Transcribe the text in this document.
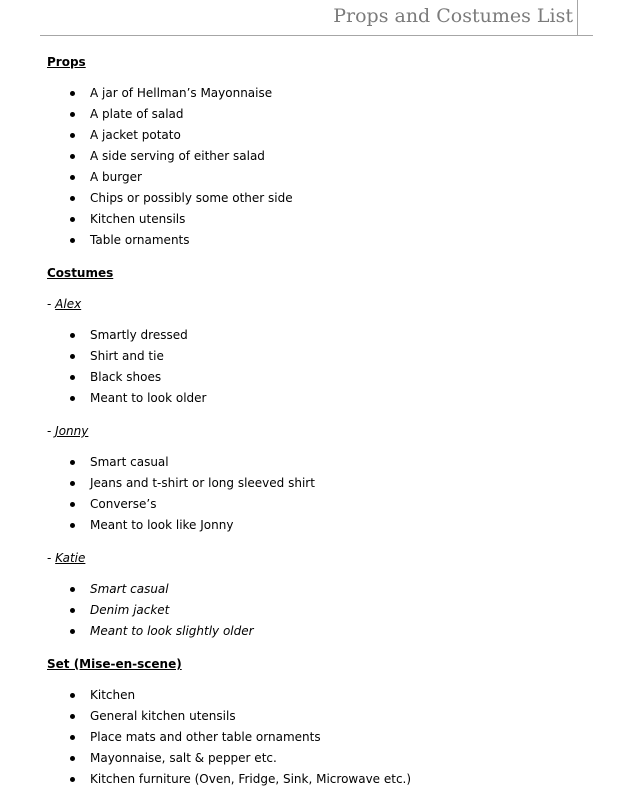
Props and Costumes List
Props
A jar of Hellman’s Mayonnaise
A plate of salad
A jacket potato
A side serving of either salad
A burger
Chips or possibly some other side
Kitchen utensils
Table ornaments
Costumes
- Alex
Smartly dressed
Shirt and tie
Black shoes
Meant to look older
- Jonny
Smart casual
Jeans and t-shirt or long sleeved shirt
Converse’s
Meant to look like Jonny
- Katie
Smart casual
Denim jacket
Meant to look slightly older
Set (Mise-en-scene)
Kitchen
General kitchen utensils
Place mats and other table ornaments
Mayonnaise, salt & pepper etc.
Kitchen furniture (Oven, Fridge, Sink, Microwave etc.)
